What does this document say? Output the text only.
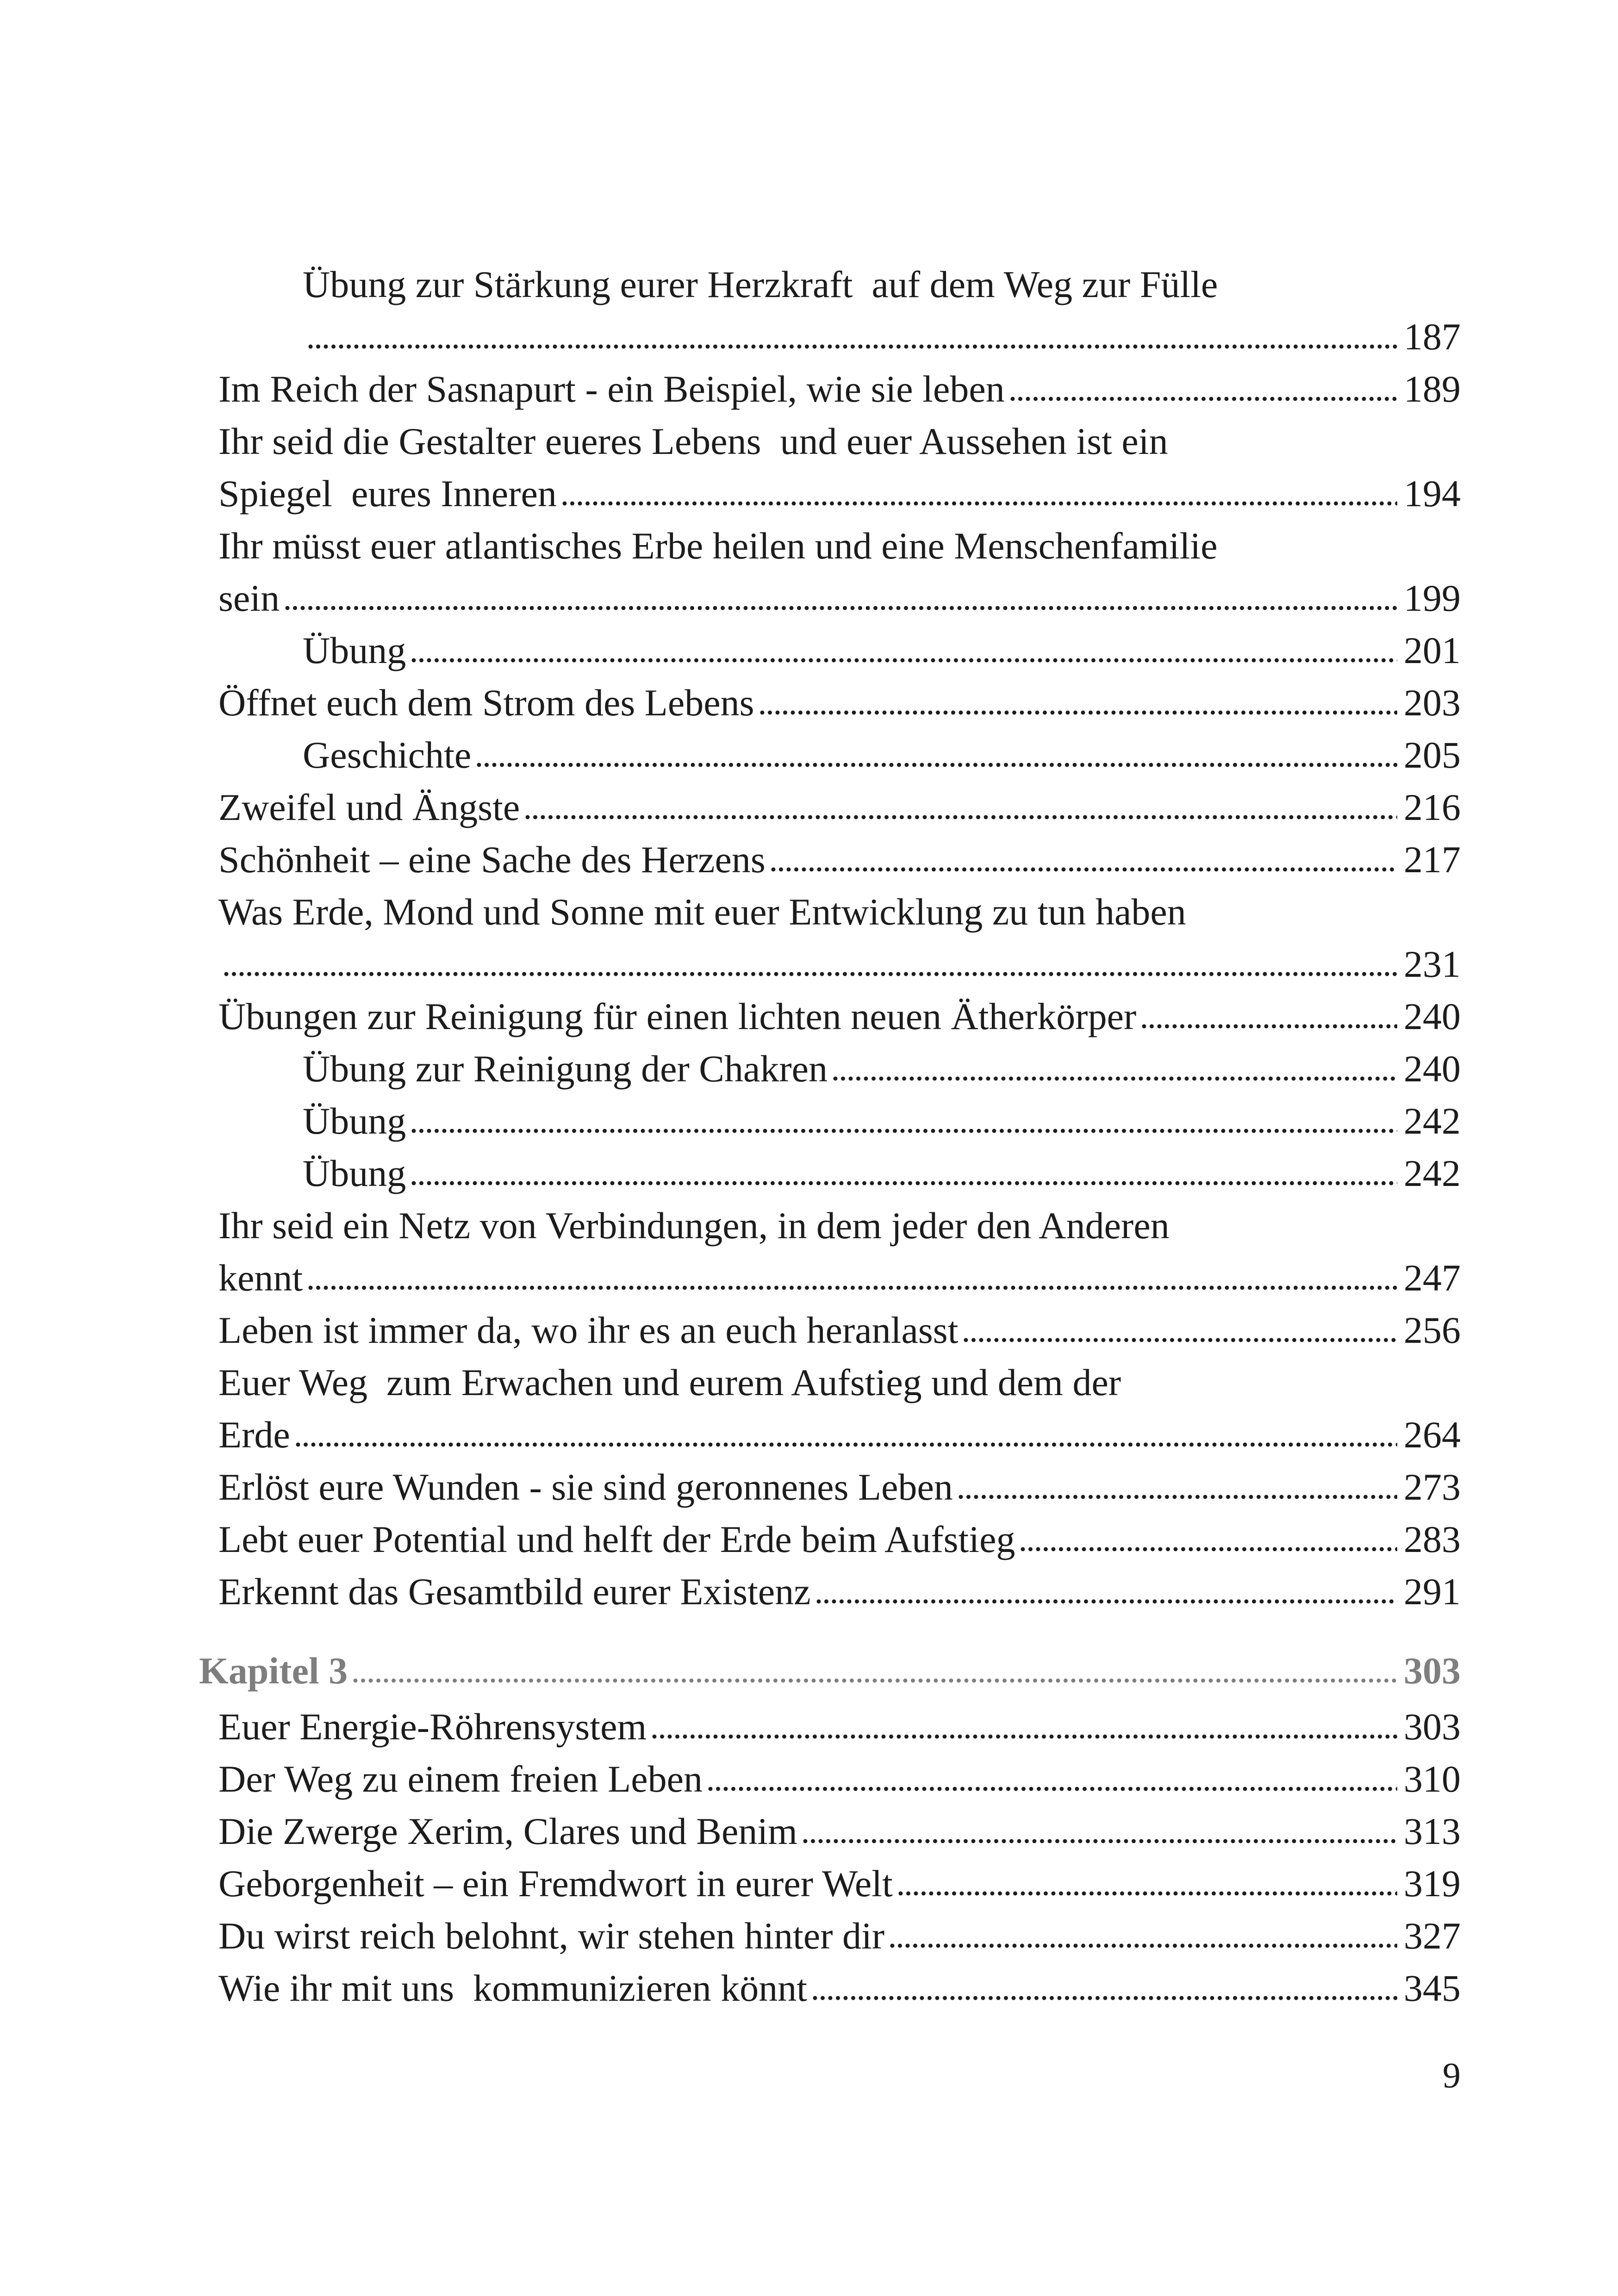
Übung zur Stärkung eurer Herzkraft  auf dem Weg zur Fülle
187
Im Reich der Sasnapurt - ein Beispiel, wie sie leben	189
Ihr seid die Gestalter eueres Lebens  und euer Aussehen ist ein
Spiegel  eures Inneren	194
Ihr müsst euer atlantisches Erbe heilen und eine Menschenfamilie
sein	199
Übung	201
Öffnet euch dem Strom des Lebens	203
Geschichte	205
Zweifel und Ängste	216
Schönheit – eine Sache des Herzens	217
Was Erde, Mond und Sonne mit euer Entwicklung zu tun haben
231
Übungen zur Reinigung für einen lichten neuen Ätherkörper	240
Übung zur Reinigung der Chakren	240
Übung	242
Übung	242
Ihr seid ein Netz von Verbindungen, in dem jeder den Anderen
kennt	247
Leben ist immer da, wo ihr es an euch heranlasst	256
Euer Weg  zum Erwachen und eurem Aufstieg und dem der
Erde	264
Erlöst eure Wunden - sie sind geronnenes Leben	273
Lebt euer Potential und helft der Erde beim Aufstieg	283
Erkennt das Gesamtbild eurer Existenz	291
Kapitel 3	303
Euer Energie-Röhrensystem	303
Der Weg zu einem freien Leben	310
Die Zwerge Xerim, Clares und Benim	313
Geborgenheit – ein Fremdwort in eurer Welt	319
Du wirst reich belohnt, wir stehen hinter dir	327
Wie ihr mit uns  kommunizieren könnt	345
9
